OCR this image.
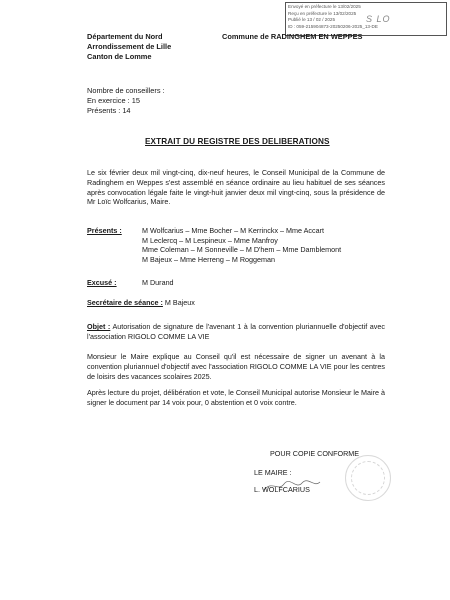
Envoyé en préfecture le 13/02/2025
Reçu en préfecture le 13/02/2025
Publié le 13 / 02 / 2025
ID : 059-215904873-20250206-2025_13-DE
S LO
Département du Nord
Arrondissement de Lille
Canton de Lomme
Commune de RADINGHEM EN WEPPES
Nombre de conseillers :
En exercice : 15
Présents : 14
EXTRAIT DU REGISTRE DES DELIBERATIONS
Le six février deux mil vingt-cinq, dix-neuf heures, le Conseil Municipal de la Commune de Radinghem en Weppes s'est assemblé en séance ordinaire au lieu habituel de ses séances après convocation légale faite le vingt-huit janvier deux mil vingt-cinq, sous la présidence de Mr Loïc Wolfcarius, Maire.
Présents :	M Wolfcarius – Mme Bocher – M Kerrinckx – Mme Accart
M Leclercq – M Lespineux – Mme Manfroy
Mme Coleman – M Sonneville – M D'hem – Mme Damblemont
M Bajeux – Mme Herreng – M Roggeman
Excusé :	M Durand
Secrétaire de séance : M Bajeux
Objet : Autorisation de signature de l'avenant 1 à la convention pluriannuelle d'objectif avec l'association RIGOLO COMME LA VIE
Monsieur le Maire explique au Conseil qu'il est nécessaire de signer un avenant à la convention pluriannuel d'objectif avec l'association RIGOLO COMME LA VIE pour les centres de loisirs des vacances scolaires 2025.
Après lecture du projet, délibération et vote, le Conseil Municipal autorise Monsieur le Maire à signer le document par 14 voix pour, 0 abstention et 0 voix contre.
POUR COPIE CONFORME
LE MAIRE :
L. WOLFCARIUS
